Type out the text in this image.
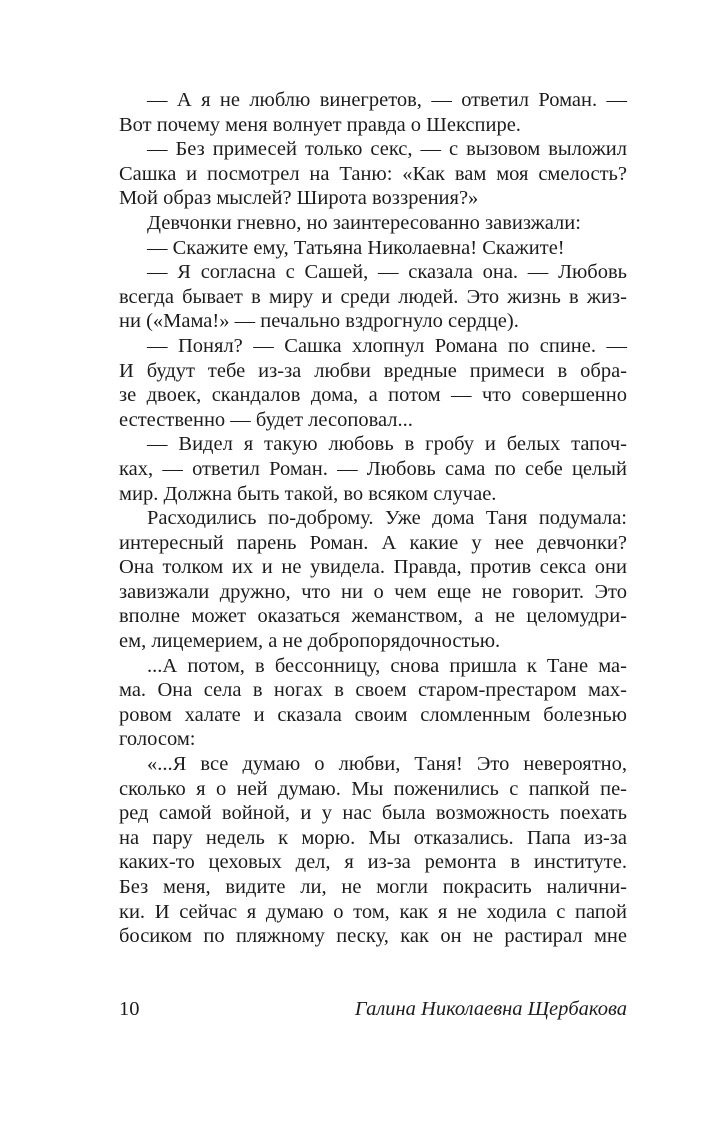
— А я не люблю винегретов, — ответил Роман. —
Вот почему меня волнует правда о Шекспире.
— Без примесей только секс, — с вызовом выложил
Сашка и посмотрел на Таню: «Как вам моя смелость?
Мой образ мыслей? Широта воззрения?»
Девчонки гневно, но заинтересованно завизжали:
— Скажите ему, Татьяна Николаевна! Скажите!
— Я согласна с Сашей, — сказала она. — Любовь
всегда бывает в миру и среди людей. Это жизнь в жиз-
ни («Мама!» — печально вздрогнуло сердце).
— Понял? — Сашка хлопнул Романа по спине. —
И будут тебе из-за любви вредные примеси в обра-
зе двоек, скандалов дома, а потом — что совершенно
естественно — будет лесоповал...
— Видел я такую любовь в гробу и белых тапоч-
ках, — ответил Роман. — Любовь сама по себе целый
мир. Должна быть такой, во всяком случае.
Расходились по-доброму. Уже дома Таня подумала:
интересный парень Роман. А какие у нее девчонки?
Она толком их и не увидела. Правда, против секса они
завизжали дружно, что ни о чем еще не говорит. Это
вполне может оказаться жеманством, а не целомудри-
ем, лицемерием, а не добропорядочностью.
...А потом, в бессонницу, снова пришла к Тане ма-
ма. Она села в ногах в своем старом-престаром мах-
ровом халате и сказала своим сломленным болезнью
голосом:
«...Я все думаю о любви, Таня! Это невероятно,
сколько я о ней думаю. Мы поженились с папкой пе-
ред самой войной, и у нас была возможность поехать
на пару недель к морю. Мы отказались. Папа из-за
каких-то цеховых дел, я из-за ремонта в институте.
Без меня, видите ли, не могли покрасить налични-
ки. И сейчас я думаю о том, как я не ходила с папой
босиком по пляжному песку, как он не растирал мне
10	Галина Николаевна Щербакова
